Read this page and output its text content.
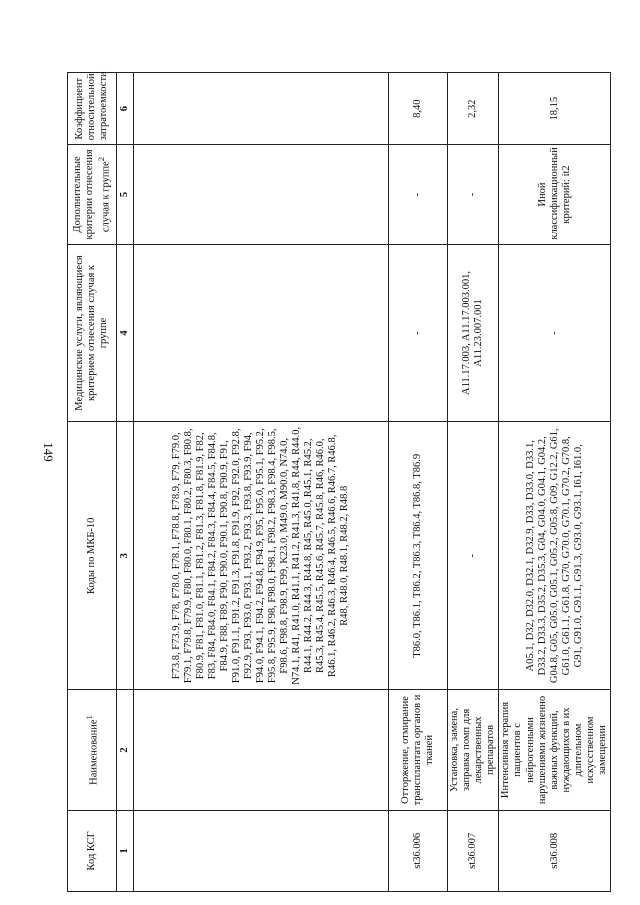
149
Код КСГ	Наименование$^1$	Коды по МКБ-10	Медицинские услуги, являющиеся критерием отнесения случая к группе	Дополнительные критерии отнесения случая к группе$^2$	Коэффициент относительной затратоемкости
1	2	3	4	5	6
		F73.8, F73.9, F78, F78.0, F78.1, F78.8, F78.9, F79, F79.0, F79.1, F79.8, F79.9, F80, F80.0, F80.1, F80.2, F80.3, F80.8, F80.9, F81, F81.0, F81.1, F81.2, F81.3, F81.8, F81.9, F82, F83, F84, F84.0, F84.1, F84.2, F84.3, F84.4, F84.5, F84.8, F84.9, F88, F89, F90, F90.0, F90.1, F90.8, F90.9, F91, F91.0, F91.1, F91.2, F91.3, F91.8, F91.9, F92, F92.0, F92.8, F92.9, F93, F93.0, F93.1, F93.2, F93.3, F93.8, F93.9, F94, F94.0, F94.1, F94.2, F94.8, F94.9, F95, F95.0, F95.1, F95.2, F95.8, F95.9, F98, F98.0, F98.1, F98.2, F98.3, F98.4, F98.5, F98.6, F98.8, F98.9, F99, K23.0, M49.0, M90.0, N74.0, N74.1, R41, R41.0, R41.1, R41.2, R41.3, R41.8, R44, R44.0, R44.1, R44.2, R44.3, R44.8, R45, R45.0, R45.1, R45.2, R45.3, R45.4, R45.5, R45.6, R45.7, R45.8, R46, R46.0, R46.1, R46.2, R46.3, R46.4, R46.5, R46.6, R46.7, R46.8, R48, R48.0, R48.1, R48.2, R48.8			
st36.006	Отторжение, отмирание трансплантата органов и тканей	T86.0, T86.1, T86.2, T86.3, T86.4, T86.8, T86.9	-	-	8,40
st36.007	Установка, замена, заправка помп для лекарственных препаратов	-	A11.17.003, A11.17.003.001, A11.23.007.001	-	2,32
st36.008	Интенсивная терапия пациентов с нейрогенными нарушениями жизненно важных функций, нуждающихся в их длительном искусственном замещении	A05.1, D32, D32.0, D32.1, D32.9, D33, D33.0, D33.1, D33.2, D33.3, D35.2, D35.3, G04, G04.0, G04.1, G04.2, G04.8, G05, G05.0, G05.1, G05.2, G05.8, G09, G12.2, G61, G61.0, G61.1, G61.8, G70, G70.0, G70.1, G70.2, G70.8, G91, G91.0, G91.1, G91.3, G93.0, G93.1, I61, I61.0,	-	Иной классификационный критерий: it2	18,15
